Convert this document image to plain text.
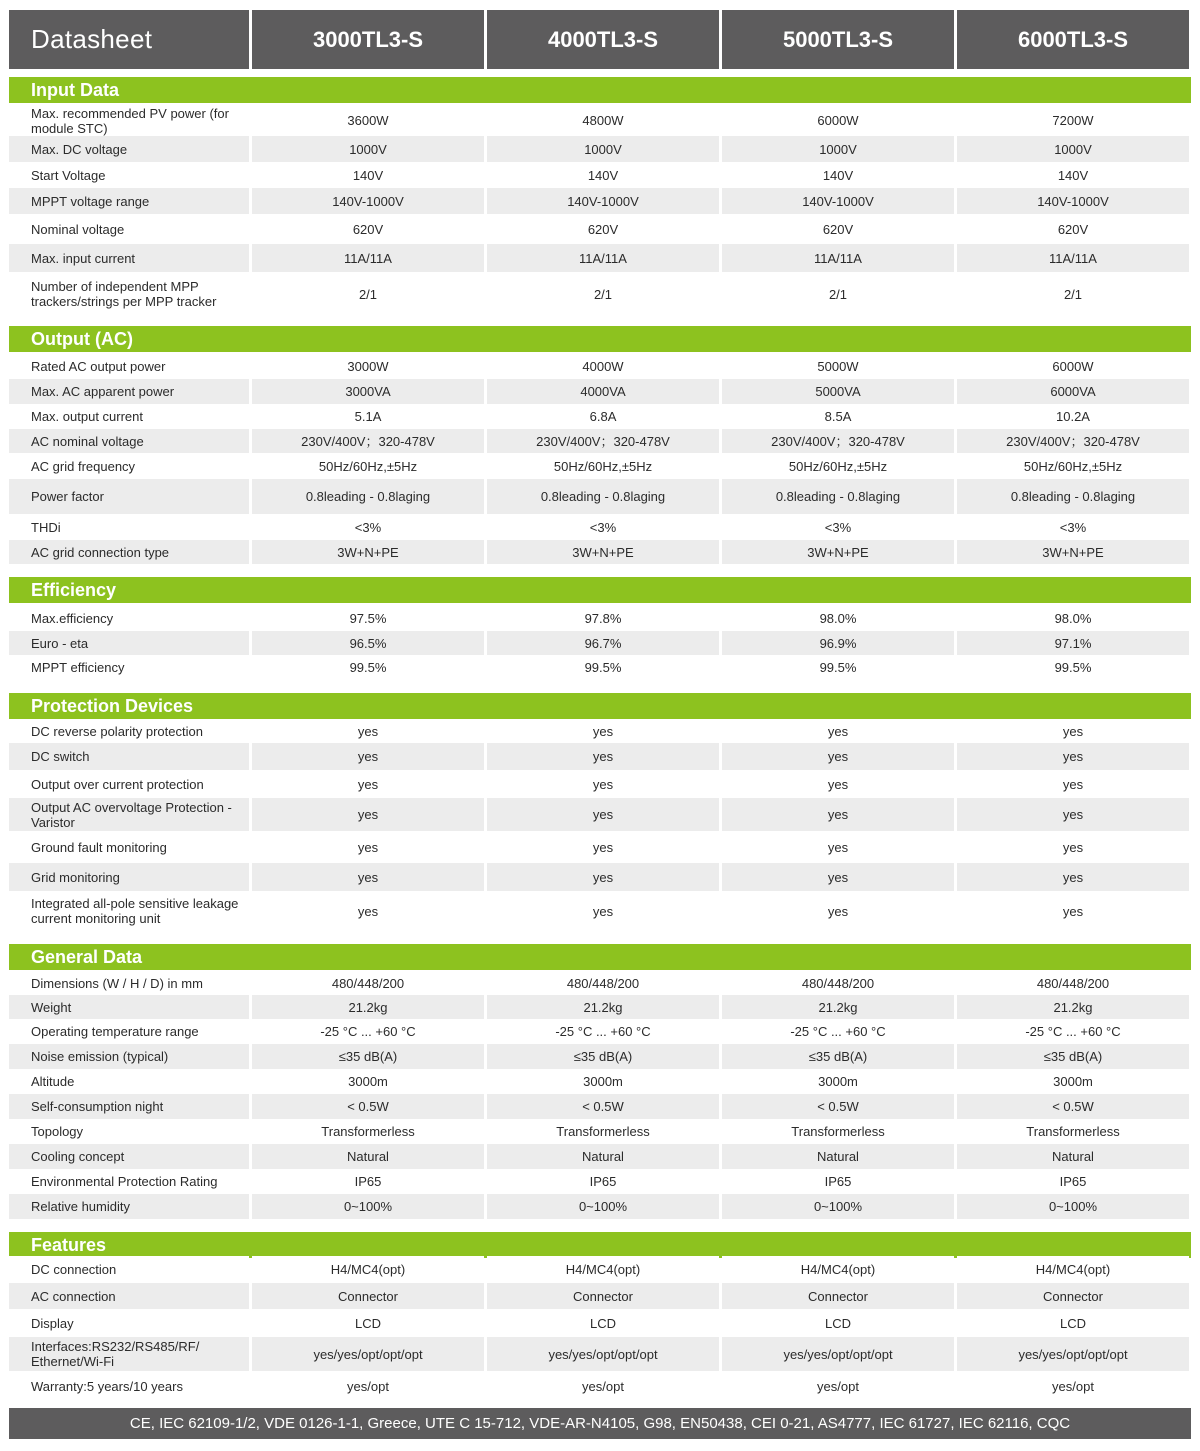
Datasheet	3000TL3-S	4000TL3-S	5000TL3-S	6000TL3-S
Input Data
Max. recommended PV power (for module STC)	3600W	4800W	6000W	7200W
Max. DC voltage	1000V	1000V	1000V	1000V
Start Voltage	140V	140V	140V	140V
MPPT voltage range	140V-1000V	140V-1000V	140V-1000V	140V-1000V
Nominal voltage	620V	620V	620V	620V
Max. input current	11A/11A	11A/11A	11A/11A	11A/11A
Number of independent MPP trackers/strings per MPP tracker	2/1	2/1	2/1	2/1
Output (AC)
Rated AC output power	3000W	4000W	5000W	6000W
Max. AC apparent power	3000VA	4000VA	5000VA	6000VA
Max. output current	5.1A	6.8A	8.5A	10.2A
AC nominal voltage	230V/400V；320-478V	230V/400V；320-478V	230V/400V；320-478V	230V/400V；320-478V
AC grid frequency	50Hz/60Hz,±5Hz	50Hz/60Hz,±5Hz	50Hz/60Hz,±5Hz	50Hz/60Hz,±5Hz
Power factor	0.8leading - 0.8laging	0.8leading - 0.8laging	0.8leading - 0.8laging	0.8leading - 0.8laging
THDi	<3%	<3%	<3%	<3%
AC grid connection type	3W+N+PE	3W+N+PE	3W+N+PE	3W+N+PE
Efficiency
Max.efficiency	97.5%	97.8%	98.0%	98.0%
Euro - eta	96.5%	96.7%	96.9%	97.1%
MPPT efficiency	99.5%	99.5%	99.5%	99.5%
Protection Devices
DC reverse polarity protection	yes	yes	yes	yes
DC switch	yes	yes	yes	yes
Output over current protection	yes	yes	yes	yes
Output AC overvoltage Protection - Varistor	yes	yes	yes	yes
Ground fault monitoring	yes	yes	yes	yes
Grid monitoring	yes	yes	yes	yes
Integrated all-pole sensitive leakage current monitoring unit	yes	yes	yes	yes
General Data
Dimensions (W / H / D) in mm	480/448/200	480/448/200	480/448/200	480/448/200
Weight	21.2kg	21.2kg	21.2kg	21.2kg
Operating temperature range	-25 °C ... +60 °C	-25 °C ... +60 °C	-25 °C ... +60 °C	-25 °C ... +60 °C
Noise emission (typical)	≤35 dB(A)	≤35 dB(A)	≤35 dB(A)	≤35 dB(A)
Altitude	3000m	3000m	3000m	3000m
Self-consumption night	< 0.5W	< 0.5W	< 0.5W	< 0.5W
Topology	Transformerless	Transformerless	Transformerless	Transformerless
Cooling concept	Natural	Natural	Natural	Natural
Environmental Protection Rating	IP65	IP65	IP65	IP65
Relative humidity	0~100%	0~100%	0~100%	0~100%
Features
DC connection	H4/MC4(opt)	H4/MC4(opt)	H4/MC4(opt)	H4/MC4(opt)
AC connection	Connector	Connector	Connector	Connector
Display	LCD	LCD	LCD	LCD
Interfaces:RS232/RS485/RF/ Ethernet/Wi-Fi	yes/yes/opt/opt/opt	yes/yes/opt/opt/opt	yes/yes/opt/opt/opt	yes/yes/opt/opt/opt
Warranty:5 years/10 years	yes/opt	yes/opt	yes/opt	yes/opt
CE, IEC 62109-1/2, VDE 0126-1-1, Greece, UTE C 15-712, VDE-AR-N4105, G98, EN50438, CEI 0-21, AS4777, IEC 61727, IEC 62116, CQC
